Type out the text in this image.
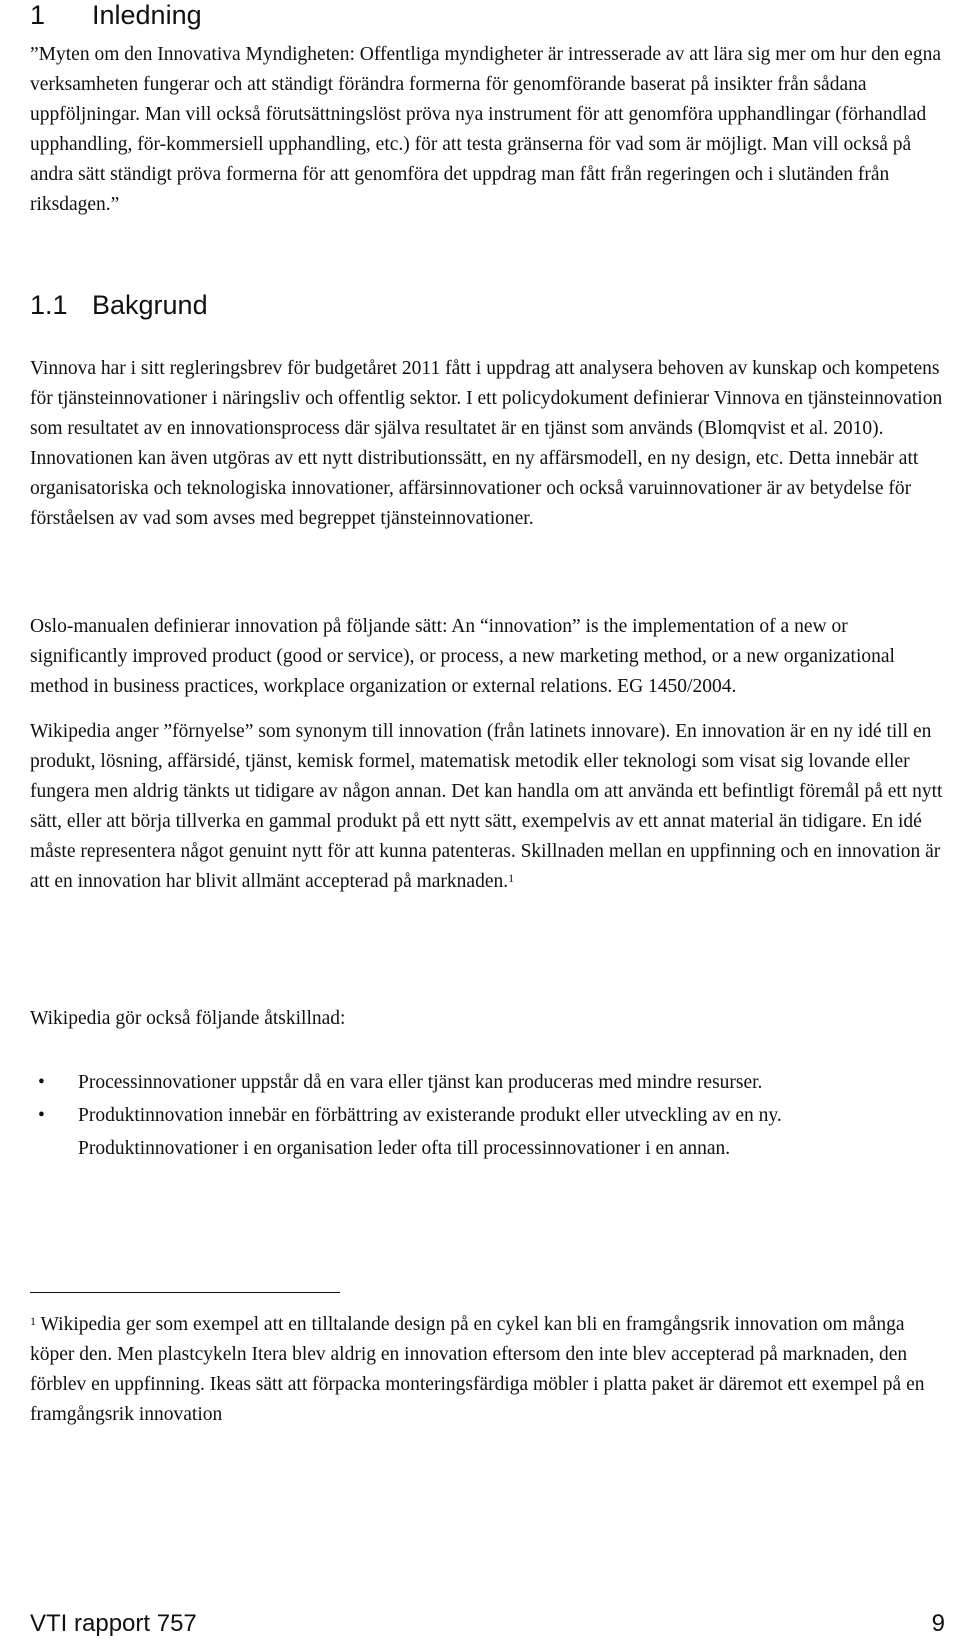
1 Inledning

”Myten om den Innovativa Myndigheten: Offentliga myndigheter är intresserade av att lära sig mer om hur den egna verksamheten fungerar och att ständigt förändra formerna för genomförande baserat på insikter från sådana uppföljningar. Man vill också förutsättningslöst pröva nya instrument för att genomföra upphandlingar (förhandlad upphandling, för-kommersiell upphandling, etc.) för att testa gränserna för vad som är möjligt. Man vill också på andra sätt ständigt pröva formerna för att genomföra det uppdrag man fått från regeringen och i slutänden från riksdagen.”

1.1 Bakgrund

Vinnova har i sitt regleringsbrev för budgetåret 2011 fått i uppdrag att analysera behoven av kunskap och kompetens för tjänsteinnovationer i näringsliv och offentlig sektor. I ett policydokument definierar Vinnova en tjänsteinnovation som resultatet av en innovationsprocess där själva resultatet är en tjänst som används (Blomqvist et al. 2010). Innovationen kan även utgöras av ett nytt distributionssätt, en ny affärsmodell, en ny design, etc. Detta innebär att organisatoriska och teknologiska innovationer, affärsinnovationer och också varuinnovationer är av betydelse för förståelsen av vad som avses med begreppet tjänsteinnovationer.

Oslo-manualen definierar innovation på följande sätt: An “innovation” is the implementation of a new or significantly improved product (good or service), or process, a new marketing method, or a new organizational method in business practices, workplace organization or external relations. EG 1450/2004.

Wikipedia anger ”förnyelse” som synonym till innovation (från latinets innovare). En innovation är en ny idé till en produkt, lösning, affärsidé, tjänst, kemisk formel, matematisk metodik eller teknologi som visat sig lovande eller fungera men aldrig tänkts ut tidigare av någon annan. Det kan handla om att använda ett befintligt föremål på ett nytt sätt, eller att börja tillverka en gammal produkt på ett nytt sätt, exempelvis av ett annat material än tidigare. En idé måste representera något genuint nytt för att kunna patenteras. Skillnaden mellan en uppfinning och en innovation är att en innovation har blivit allmänt accepterad på marknaden.$^1$

Wikipedia gör också följande åtskillnad:

• Processinnovationer uppstår då en vara eller tjänst kan produceras med mindre resurser.
• Produktinnovation innebär en förbättring av existerande produkt eller utveckling av en ny. Produktinnovationer i en organisation leder ofta till processinnovationer i en annan.

$^1$ Wikipedia ger som exempel att en tilltalande design på en cykel kan bli en framgångsrik innovation om många köper den. Men plastcykeln Itera blev aldrig en innovation eftersom den inte blev accepterad på marknaden, den förblev en uppfinning. Ikeas sätt att förpacka monteringsfärdiga möbler i platta paket är däremot ett exempel på en framgångsrik innovation

VTI rapport 757	9
